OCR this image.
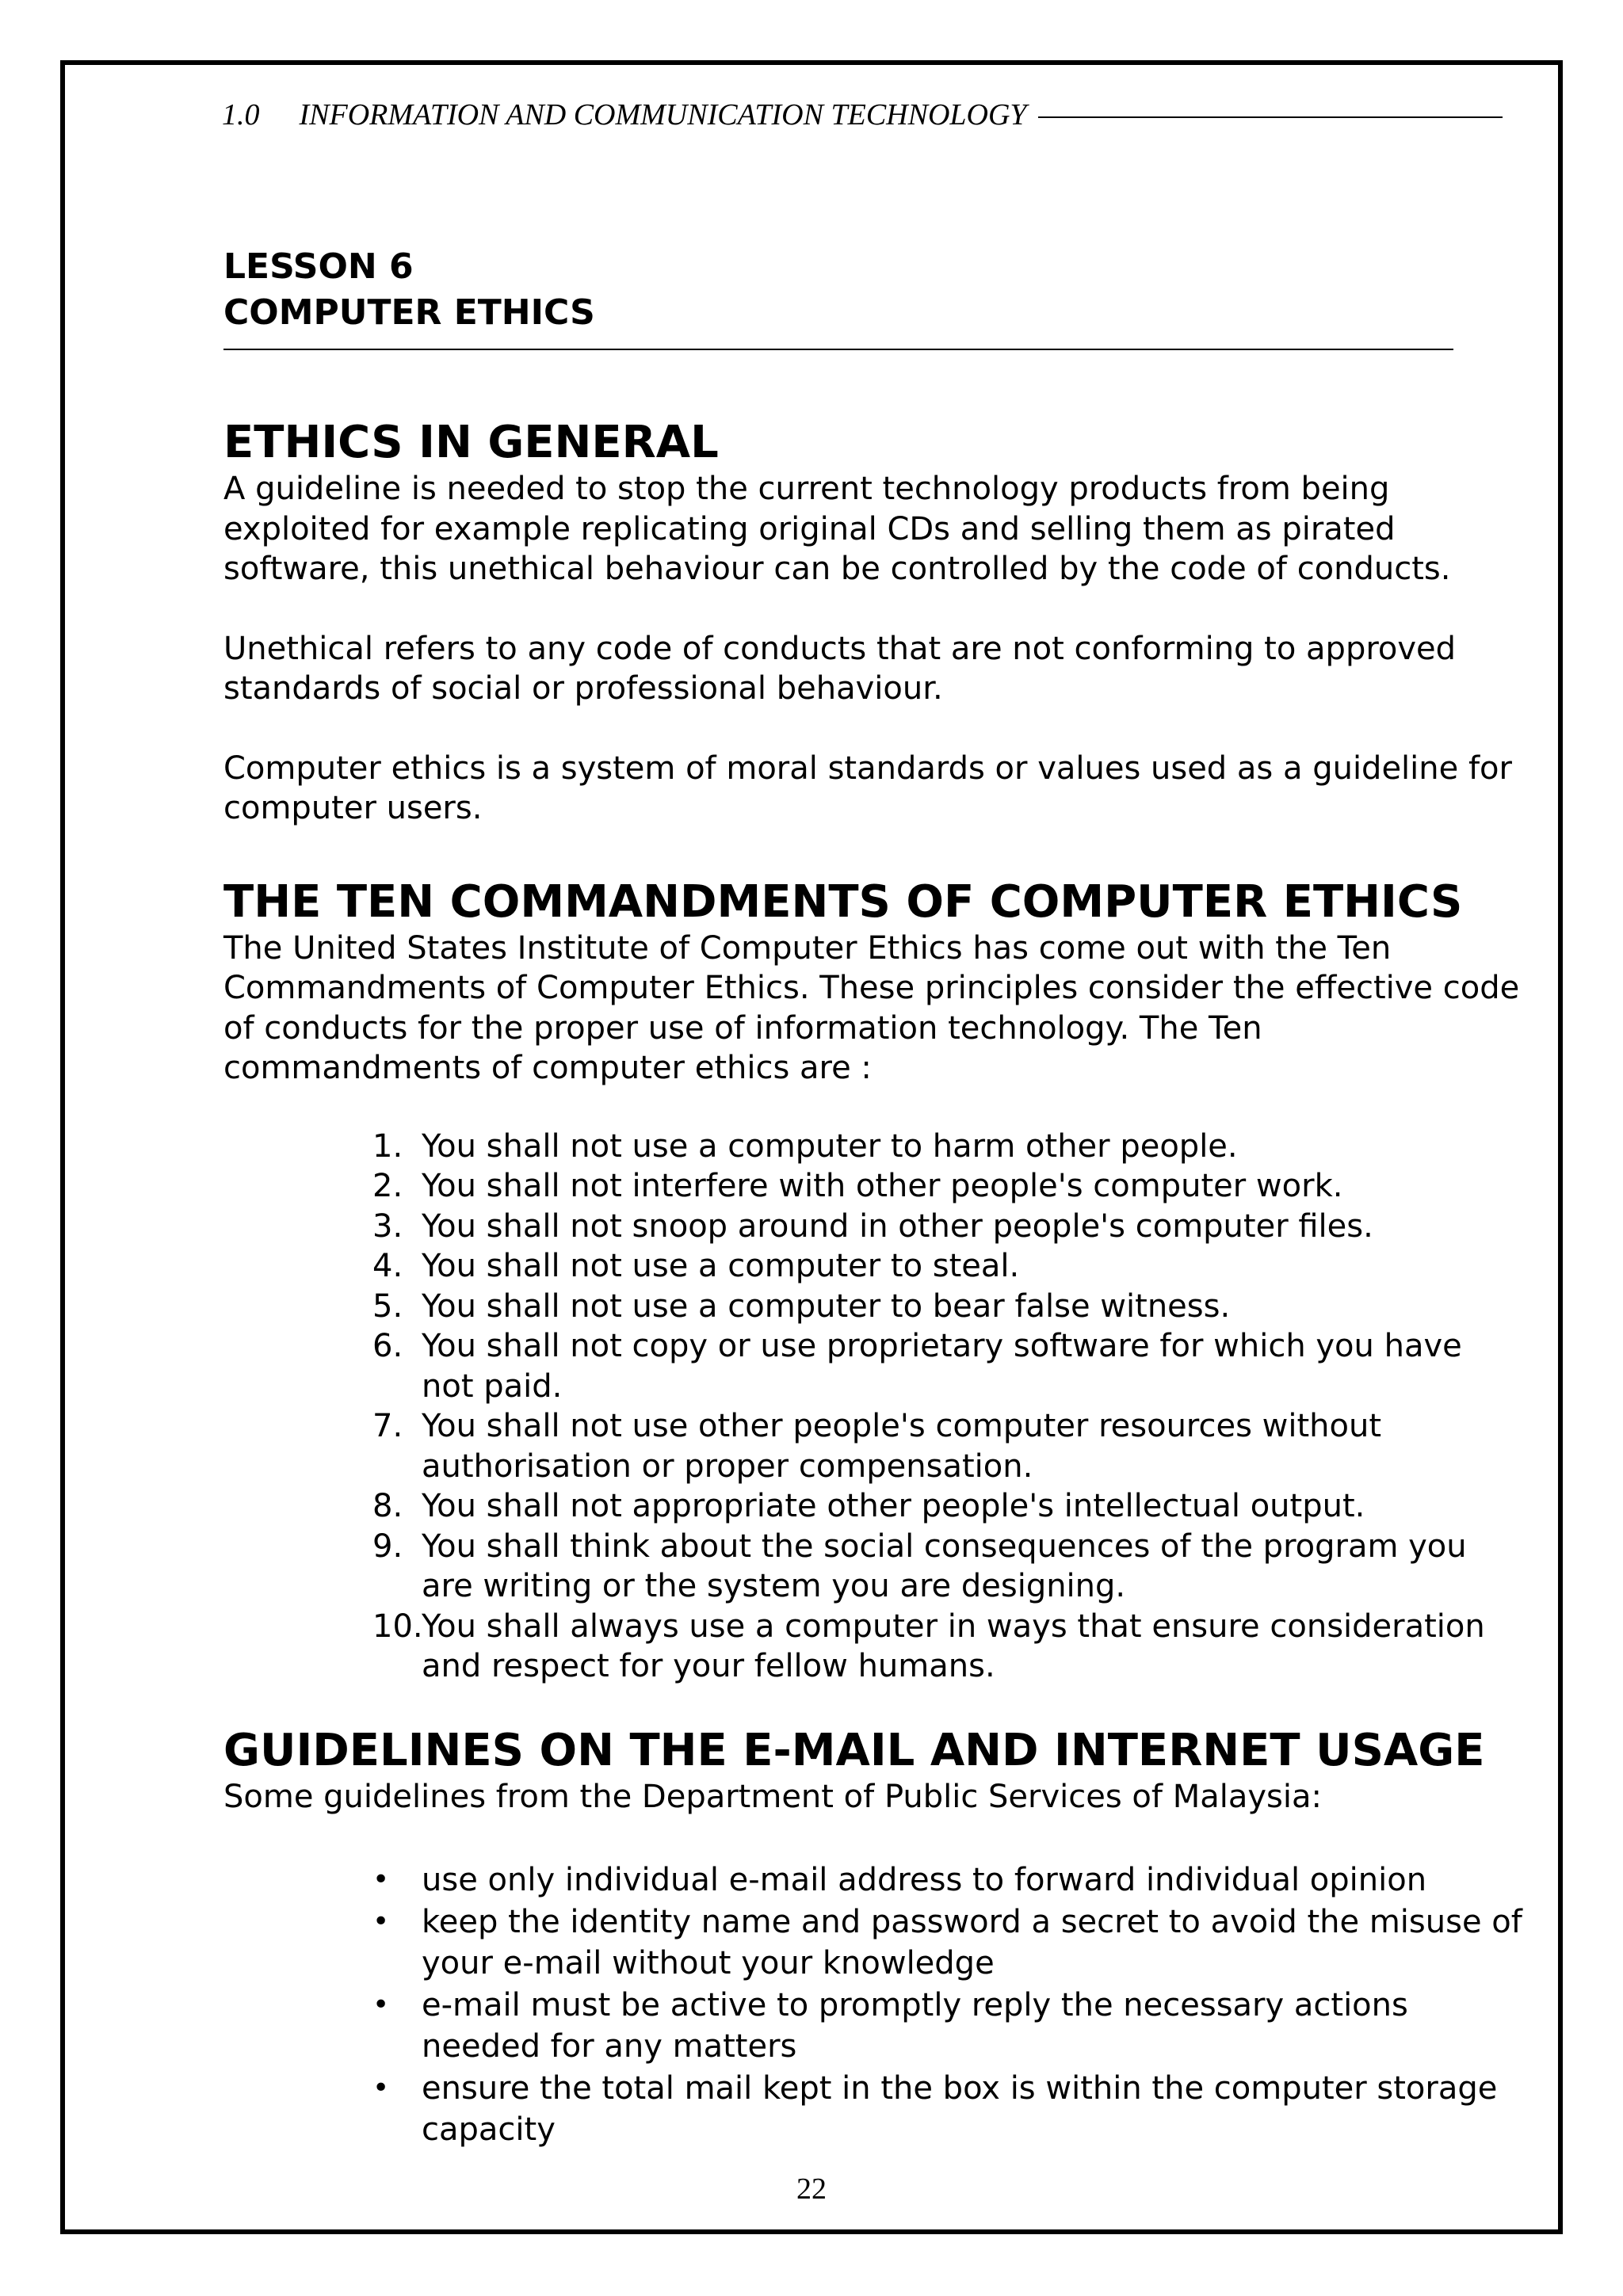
1.0 INFORMATION AND COMMUNICATION TECHNOLOGY
LESSON 6
COMPUTER ETHICS
ETHICS IN GENERAL

A guideline is needed to stop the current technology products from being exploited for example replicating original CDs and selling them as pirated software, this unethical behaviour can be controlled by the code of conducts.

Unethical refers to any code of conducts that are not conforming to approved standards of social or professional behaviour.

Computer ethics is a system of moral standards or values used as a guideline for computer users.

THE TEN COMMANDMENTS OF COMPUTER ETHICS

The United States Institute of Computer Ethics has come out with the Ten Commandments of Computer Ethics. These principles consider the effective code of conducts for the proper use of information technology. The Ten commandments of computer ethics are :

1. You shall not use a computer to harm other people.
2. You shall not interfere with other people's computer work.
3. You shall not snoop around in other people's computer files.
4. You shall not use a computer to steal.
5. You shall not use a computer to bear false witness.
6. You shall not copy or use proprietary software for which you have not paid.
7. You shall not use other people's computer resources without authorisation or proper compensation.
8. You shall not appropriate other people's intellectual output.
9. You shall think about the social consequences of the program you are writing or the system you are designing.
10.
You shall always use a computer in ways that ensure consideration and respect for your fellow humans.
GUIDELINES ON THE E-MAIL AND INTERNET USAGE

Some guidelines from the Department of Public Services of Malaysia:

• use only individual e-mail address to forward individual opinion
• keep the identity name and password a secret to avoid the misuse of your e-mail without your knowledge
• e-mail must be active to promptly reply the necessary actions needed for any matters
• ensure the total mail kept in the box is within the computer storage capacity
22
